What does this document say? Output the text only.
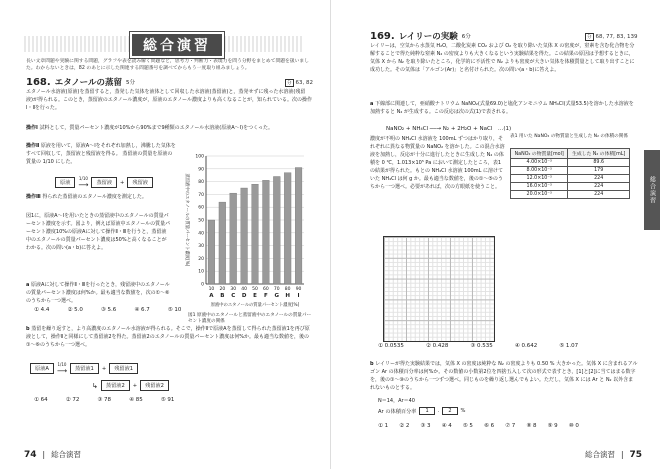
総合演習
長い文章問題や実験に関する問題，グラフや表を読み解く問題など，思考力・判断力・表現力を問う分野をまとめて問題を扱いました。わからないときは，82 のあとに示した関連する問題番号を調べてからもう一度取り組みましょう。
168. エタノールの蒸留 5分	分 63, 82
エタノール水溶液(原液)を蒸留すると，蒸発した気体を液体として回収した水溶液(蒸留液)と，蒸発せずに残った水溶液(残留液)が得られる。このとき，蒸留液のエタノール濃度が，原液のエタノール濃度よりも高くなることが，知られている。次の操作Ⅰ・Ⅱを行った。
操作Ⅰ 試料として，質量パーセント濃度が10%から90%まで9種類のエタノール水溶液(原液A〜I)をつくった。
操作Ⅱ 原液を用いて，原液A〜Iをそれぞれ加熱し，沸騰した気体をすべて回収して，蒸留液と残留液を得る。 蒸留液の質量を原液の質量の 1/10 にした。
原液
1/10
⟶	蒸留液	+	残留液
操作Ⅲ 得られた蒸留液のエタノール濃度を測定した。
図1に，原液A〜Iを用いたときの蒸留液中のエタノールの質量パーセント濃度を示す。図より，例えば原液中エタノールの質量パーセント濃度10%の原液Aに対して操作Ⅱ・Ⅲを行うと，蒸留液中のエタノールの質量パーセント濃度は50%と高くなることがわかる。次の問い(a・b)に答えよ。
0
10
20
30
40
50
60
70
80
90
100
10
A
20
B
30
C
40
D
50
E
60
F
70
G
80
H
90
I
原液中のエタノールの質量パーセント濃度[%]
蒸留液中のエタノールの質量パーセント濃度[%]
図1 原液中のエタノールと蒸留液中のエタノールの質量パーセント濃度の関係
a 原液Aに対して操作Ⅱ・Ⅲを行ったとき，残留液中のエタノールの質量パーセント濃度は何%か。最も適当な数値を，次の①〜⑥のうちから一つ選べ。
① 4.4	② 5.0	③ 5.6	④ 6.7	⑤ 10
b 蒸留を繰り返すと，より高濃度のエタノール水溶液が得られる。そこで，操作Ⅱで原液Aを蒸留して得られた蒸留液1を再び原液として，操作Ⅱと同様にして蒸留液2を得た。蒸留液2のエタノールの質量パーセント濃度は何%か。最も適当な数値を，後の①〜⑥のうちから一つ選べ。
原液A
1/10
⟶	蒸留液1	+	残留液1
↳	蒸留液2	+	残留液2
① 64	② 72	③ 78	④ 85	⑤ 91
74 | 総合演習
169. レイリーの実験 6分	分 68, 77, 83, 139
レイリーは，空気から水蒸気 H₂O，二酸化炭素 CO₂ および O₂ を取り除いた気体 X の密度が，窒素を含む化合物を分解することで得た純粋な窒素 N₂ の密度よりも大きくなるという実験結果を得た。この結果の原因は予想するときに，気体 X から N₂ を取り除いたところ，化学的に不活性で N₂ よりも密度が大きい気体を体積質量として取り出すことに成功した。その気体は「アルゴン(Ar)」と名付けられた。次の問い(a・b)に答えよ。
a 下線部に関連して，亜硝酸ナトリウム NaNO₂(式量69.0)と塩化アンモニウム NH₄Cl(式量53.5)を溶かした水溶液を加熱すると N₂ が生成する。この反応は次の式(1)で表される。
NaNO₂ + NH₄Cl ──→ N₂ + 2H₂O + NaCl　…(1)
濃度が不明の NH₄Cl 水溶液を 100mL ずつはかり取り，それぞれに異なる物質量の NaNO₂ を溶かした。この混合水溶液を加熱し，反応が十分に進行したときに生成した N₂ の体積を 0 ℃，1.013×10⁵ Pa において測定したところ，表1の結果が得られた。もとの NH₄Cl 水溶液 100mL に溶けていた NH₄Cl は何 g か。最も適当な数値を，後の①〜⑤のうちから一つ選べ。必要があれば，次の方眼紙を使うこと。
表1 用いた NaNO₂ の物質量と生成した N₂ の体積の関係
NaNO₂ の物質量[mol]	生成した N₂ の体積[mL]
4.00×10⁻³	89.6
8.00×10⁻³	179
12.0×10⁻³	224
16.0×10⁻³	224
20.0×10⁻³	224
① 0.0535	② 0.428	③ 0.535	④ 0.642	⑤ 1.07
b レイリーが得た実験結果では，気体 X の密度は純粋な N₂ の密度よりも 0.50 % 大きかった。気体 X に含まれるアルゴン Ar の体積百分率は何%か。その数値の小数第2位を四捨五入して次の形式で表すとき，[1]と[2]に当てはまる数字を，後の①〜⑩のうちから一つずつ選べ。同じものを繰り返し選んでもよい。ただし，気体 X には Ar と N₂ 以外含まれないものとする。
N＝14，Ar＝40
Ar の体積百分率	1	.	2	%
① 1 ② 2 ③ 3 ④ 4 ⑤ 5 ⑥ 6 ⑦ 7 ⑧ 8 ⑨ 9 ⑩ 0
総合演習
総合演習 | 75
